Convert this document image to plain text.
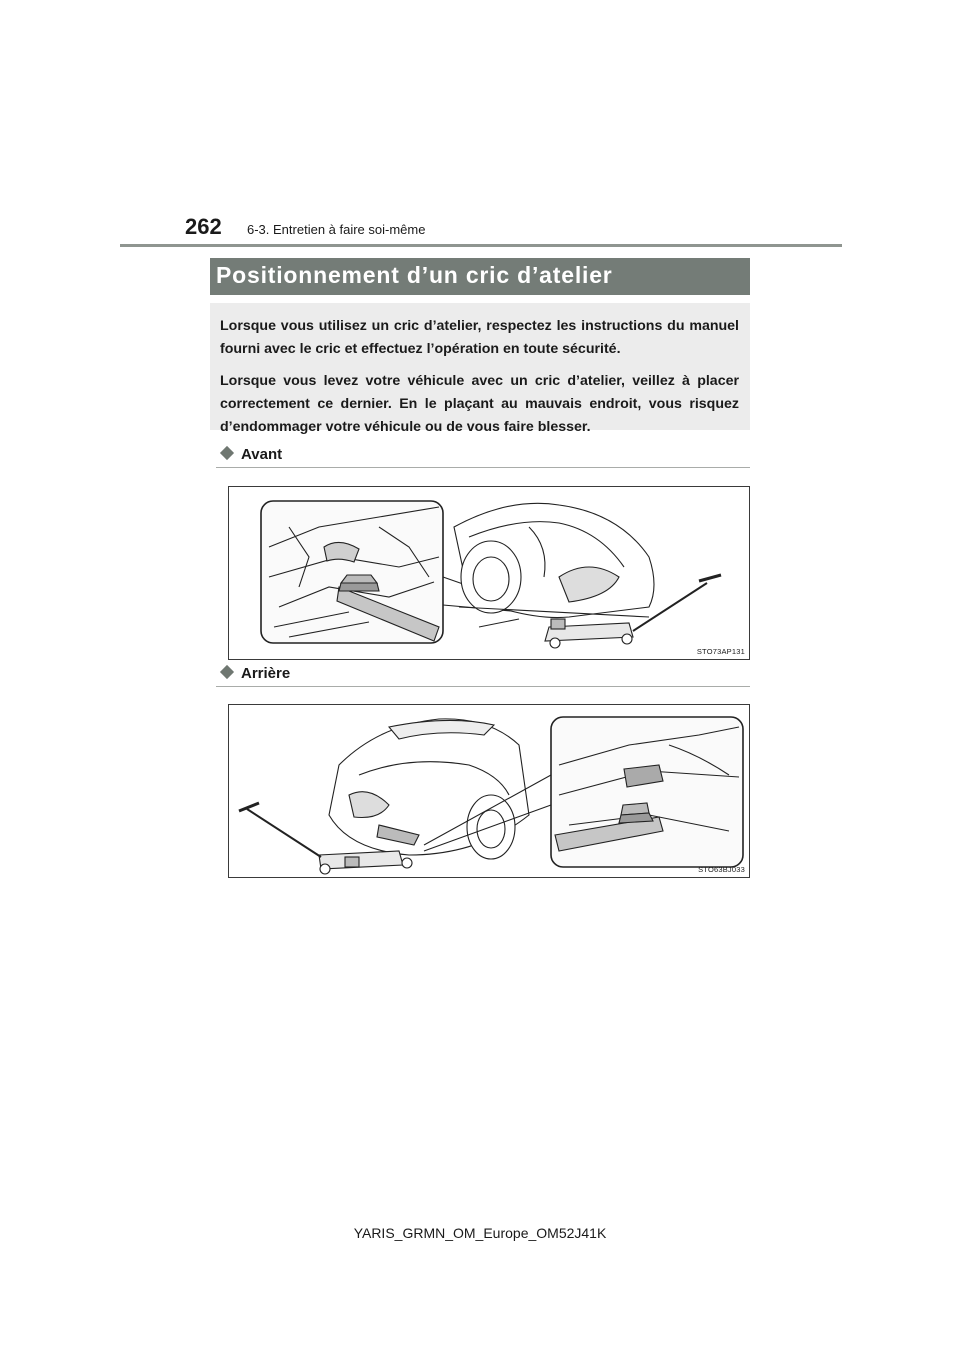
262 6-3. Entretien à faire soi-même
Positionnement d’un cric d’atelier

Lorsque vous utilisez un cric d’atelier, respectez les instructions du manuel fourni avec le cric et effectuez l’opération en toute sécurité.

Lorsque vous levez votre véhicule avec un cric d’atelier, veillez à placer correctement ce dernier. En le plaçant au mauvais endroit, vous risquez d’endommager votre véhicule ou de vous faire blesser.

Avant
STO73AP131
Arrière
STO63BJ033
YARIS_GRMN_OM_Europe_OM52J41K
